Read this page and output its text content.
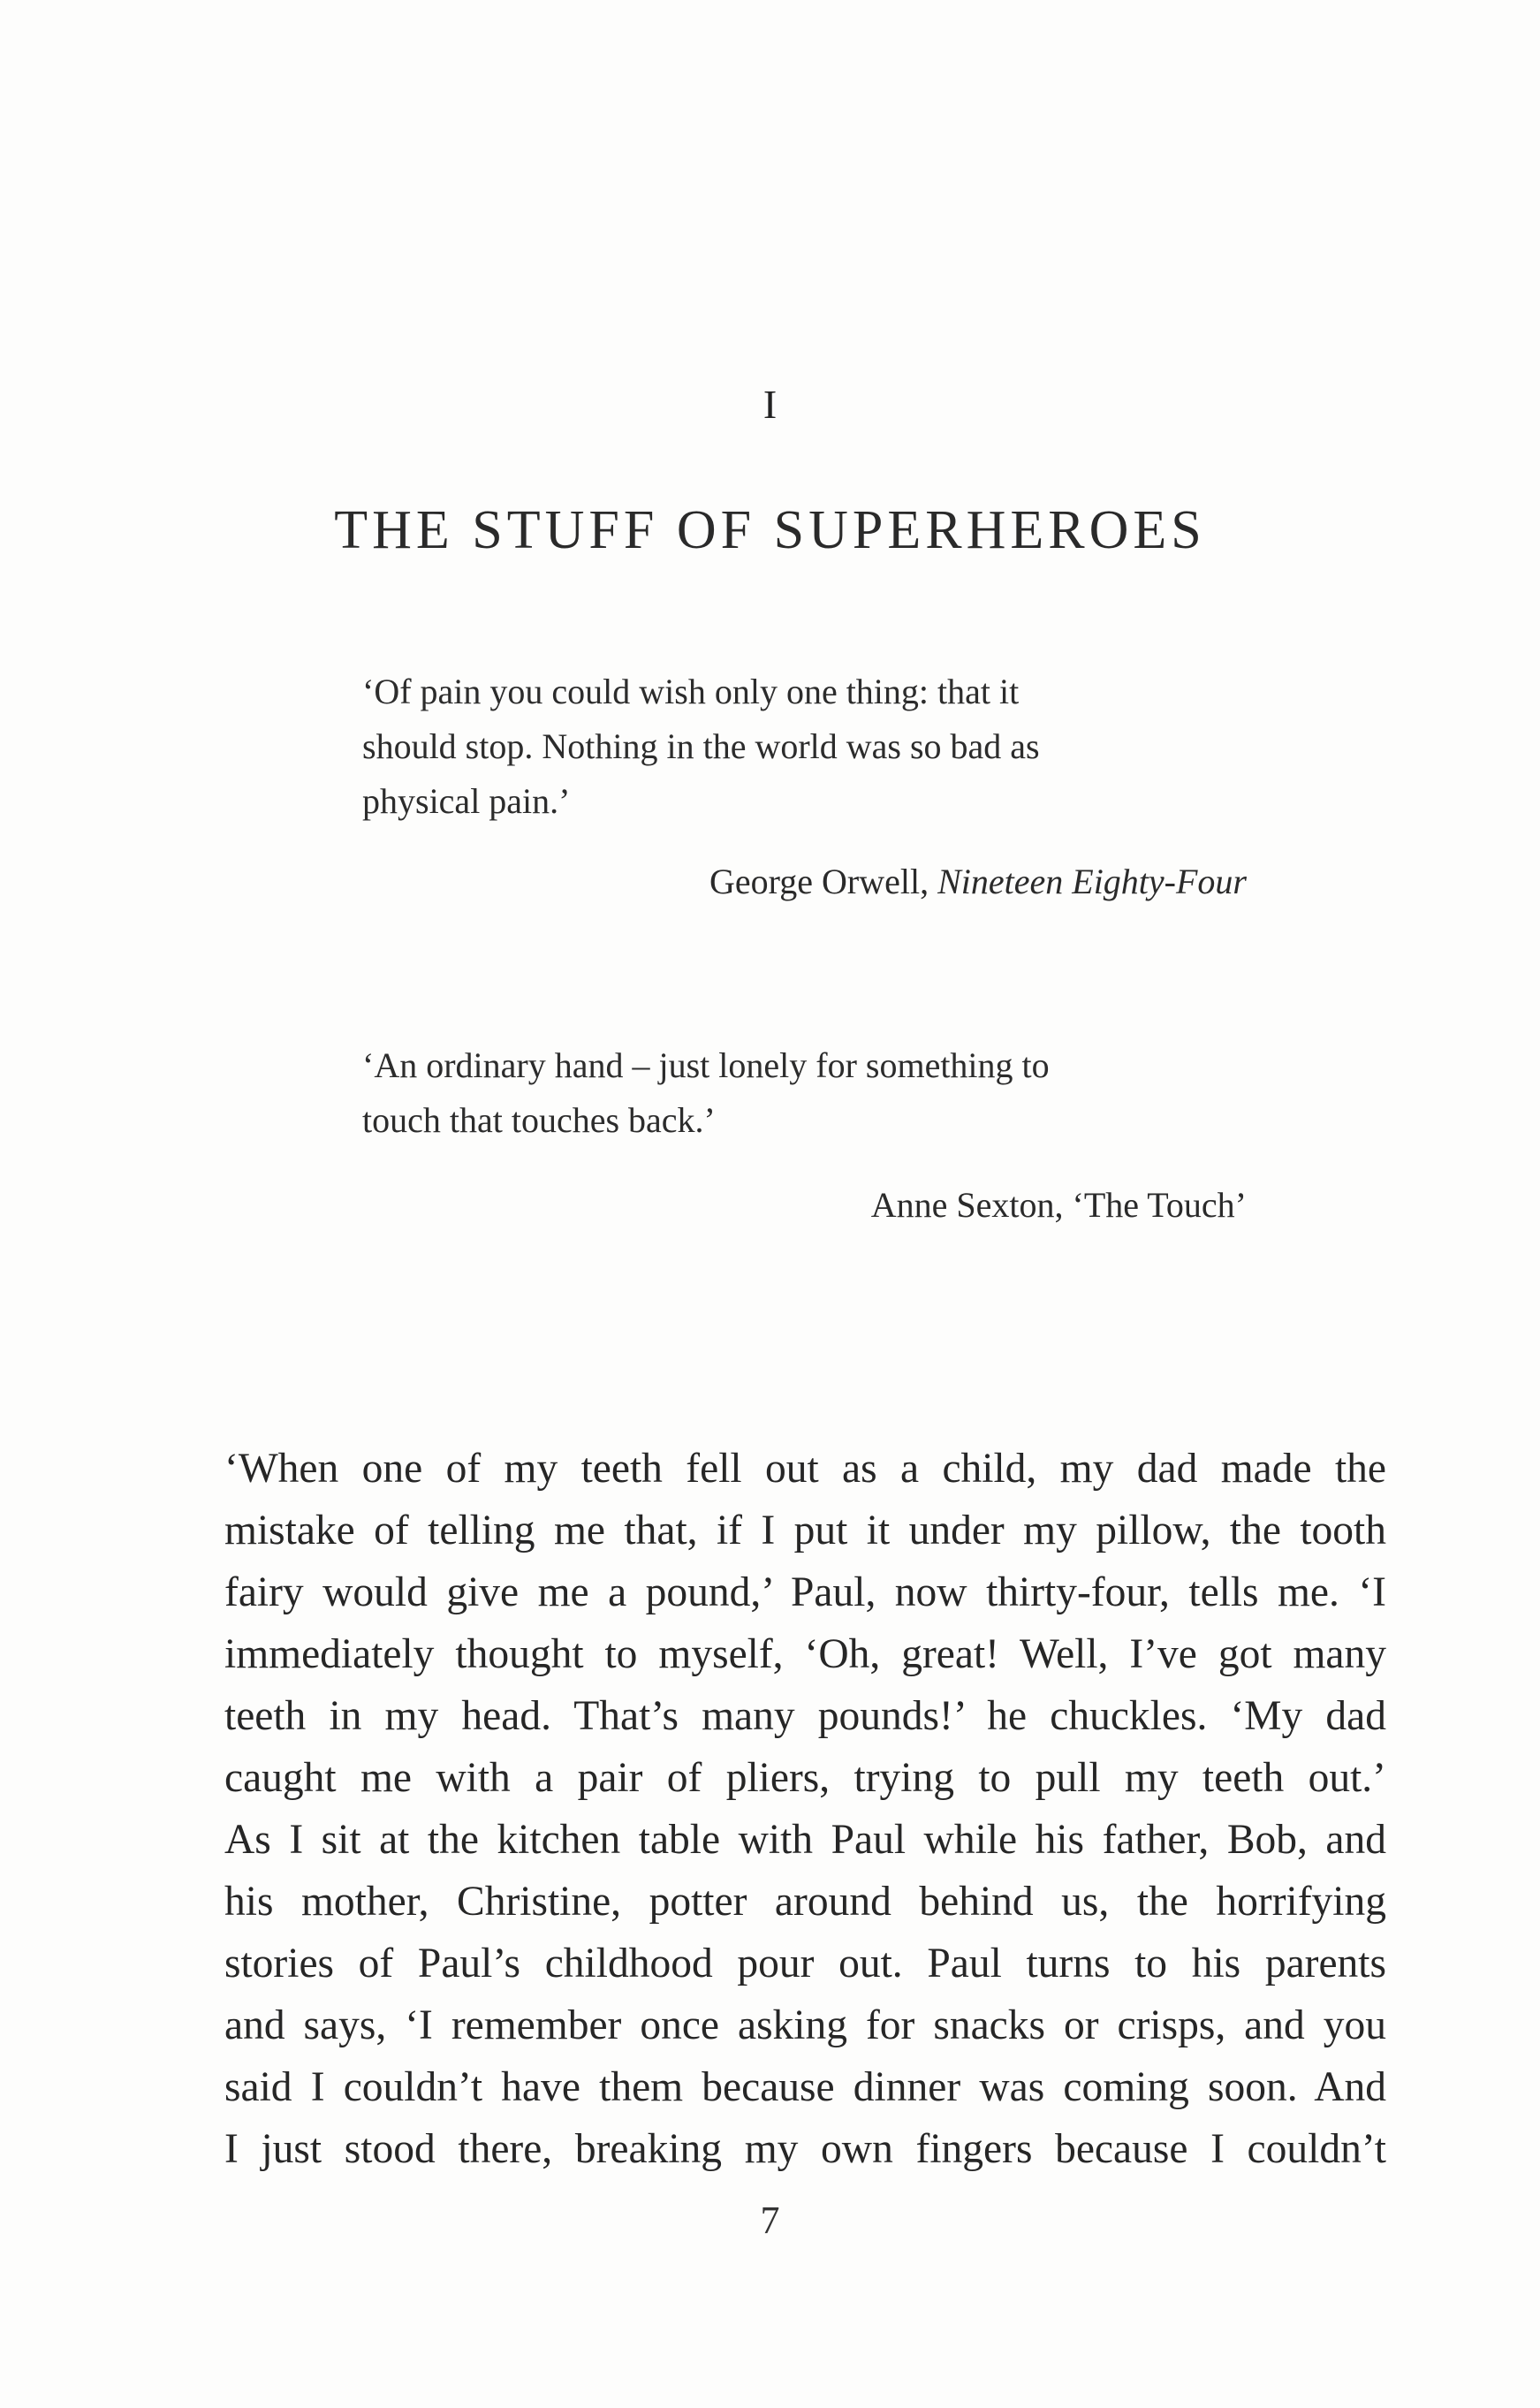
I
THE STUFF OF SUPERHEROES
‘Of pain you could wish only one thing: that it
should stop. Nothing in the world was so bad as
physical pain.’
George Orwell, Nineteen Eighty-Four
‘An ordinary hand – just lonely for something to
touch that touches back.’
Anne Sexton, ‘The Touch’
‘When one of my teeth fell out as a child, my dad made the
mistake of telling me that, if I put it under my pillow, the tooth
fairy would give me a pound,’ Paul, now thirty-four, tells me. ‘I
immediately thought to myself, ‘Oh, great! Well, I’ve got many
teeth in my head. That’s many pounds!’ he chuckles. ‘My dad
caught me with a pair of pliers, trying to pull my teeth out.’
As I sit at the kitchen table with Paul while his father, Bob, and
his mother, Christine, potter around behind us, the horrifying
stories of Paul’s childhood pour out. Paul turns to his parents
and says, ‘I remember once asking for snacks or crisps, and you
said I couldn’t have them because dinner was coming soon. And
I just stood there, breaking my own fingers because I couldn’t
7
